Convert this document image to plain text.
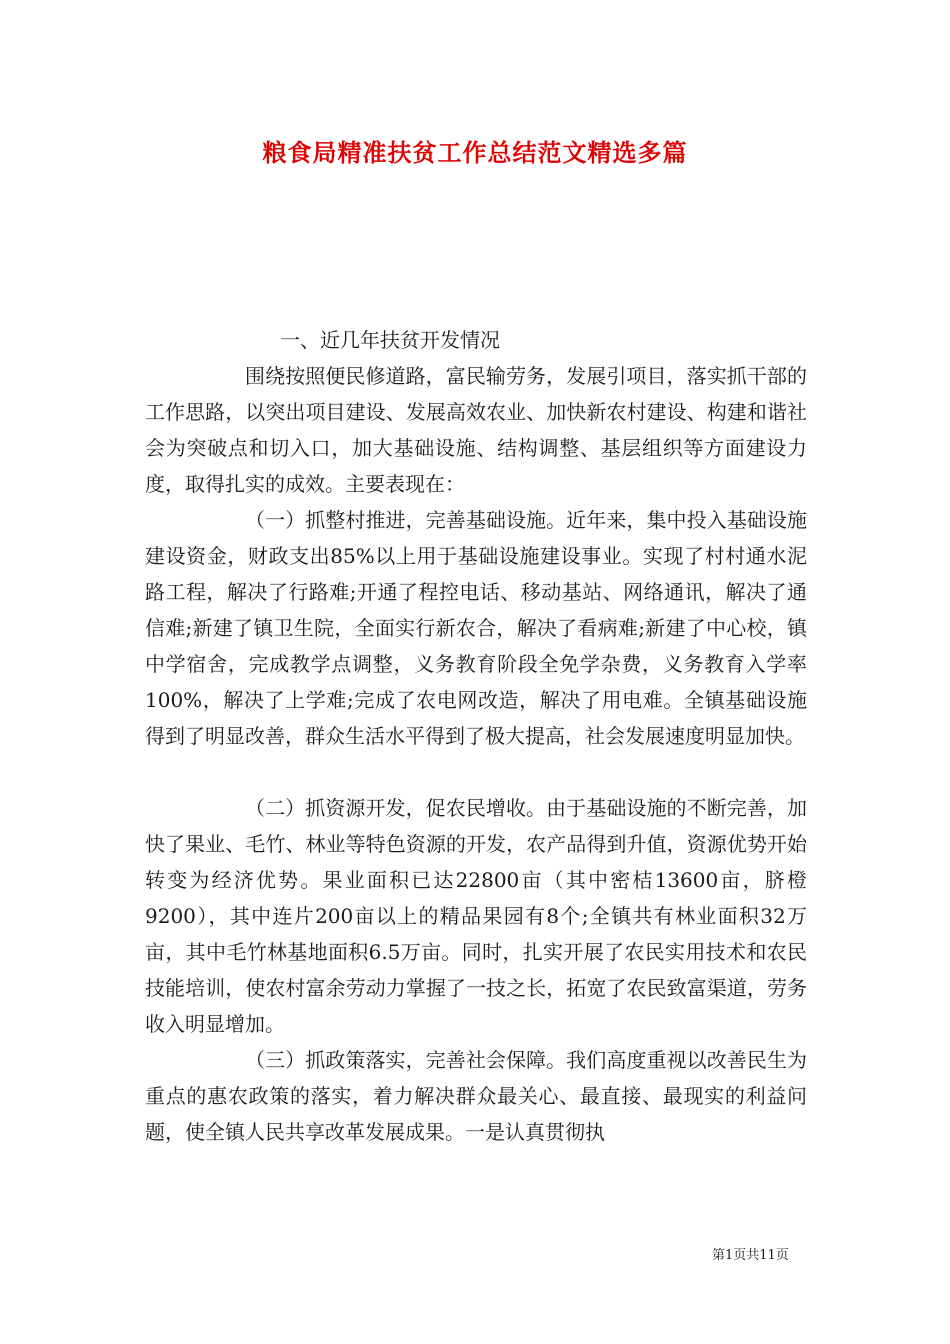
粮食局精准扶贫工作总结范文精选多篇
一、近几年扶贫开发情况

围绕按照便民修道路，富民输劳务，发展引项目，落实抓干部的工作思路，以突出项目建设、发展高效农业、加快新农村建设、构建和谐社会为突破点和切入口，加大基础设施、结构调整、基层组织等方面建设力度，取得扎实的成效。主要表现在：

（一）抓整村推进，完善基础设施。近年来，集中投入基础设施建设资金，财政支出85%以上用于基础设施建设事业。实现了村村通水泥路工程，解决了行路难;开通了程控电话、移动基站、网络通讯，解决了通信难;新建了镇卫生院，全面实行新农合，解决了看病难;新建了中心校，镇中学宿舍，完成教学点调整，义务教育阶段全免学杂费，义务教育入学率100%，解决了上学难;完成了农电网改造，解决了用电难。全镇基础设施得到了明显改善，群众生活水平得到了极大提高，社会发展速度明显加快。

（二）抓资源开发，促农民增收。由于基础设施的不断完善，加快了果业、毛竹、林业等特色资源的开发，农产品得到升值，资源优势开始转变为经济优势。果业面积已达22800亩（其中密桔13600亩，脐橙9200），其中连片200亩以上的精品果园有8个;全镇共有林业面积32万亩，其中毛竹林基地面积6.5万亩。同时，扎实开展了农民实用技术和农民技能培训，使农村富余劳动力掌握了一技之长，拓宽了农民致富渠道，劳务收入明显增加。

（三）抓政策落实，完善社会保障。我们高度重视以改善民生为重点的惠农政策的落实，着力解决群众最关心、最直接、最现实的利益问题，使全镇人民共享改革发展成果。一是认真贯彻执

第1页共11页
